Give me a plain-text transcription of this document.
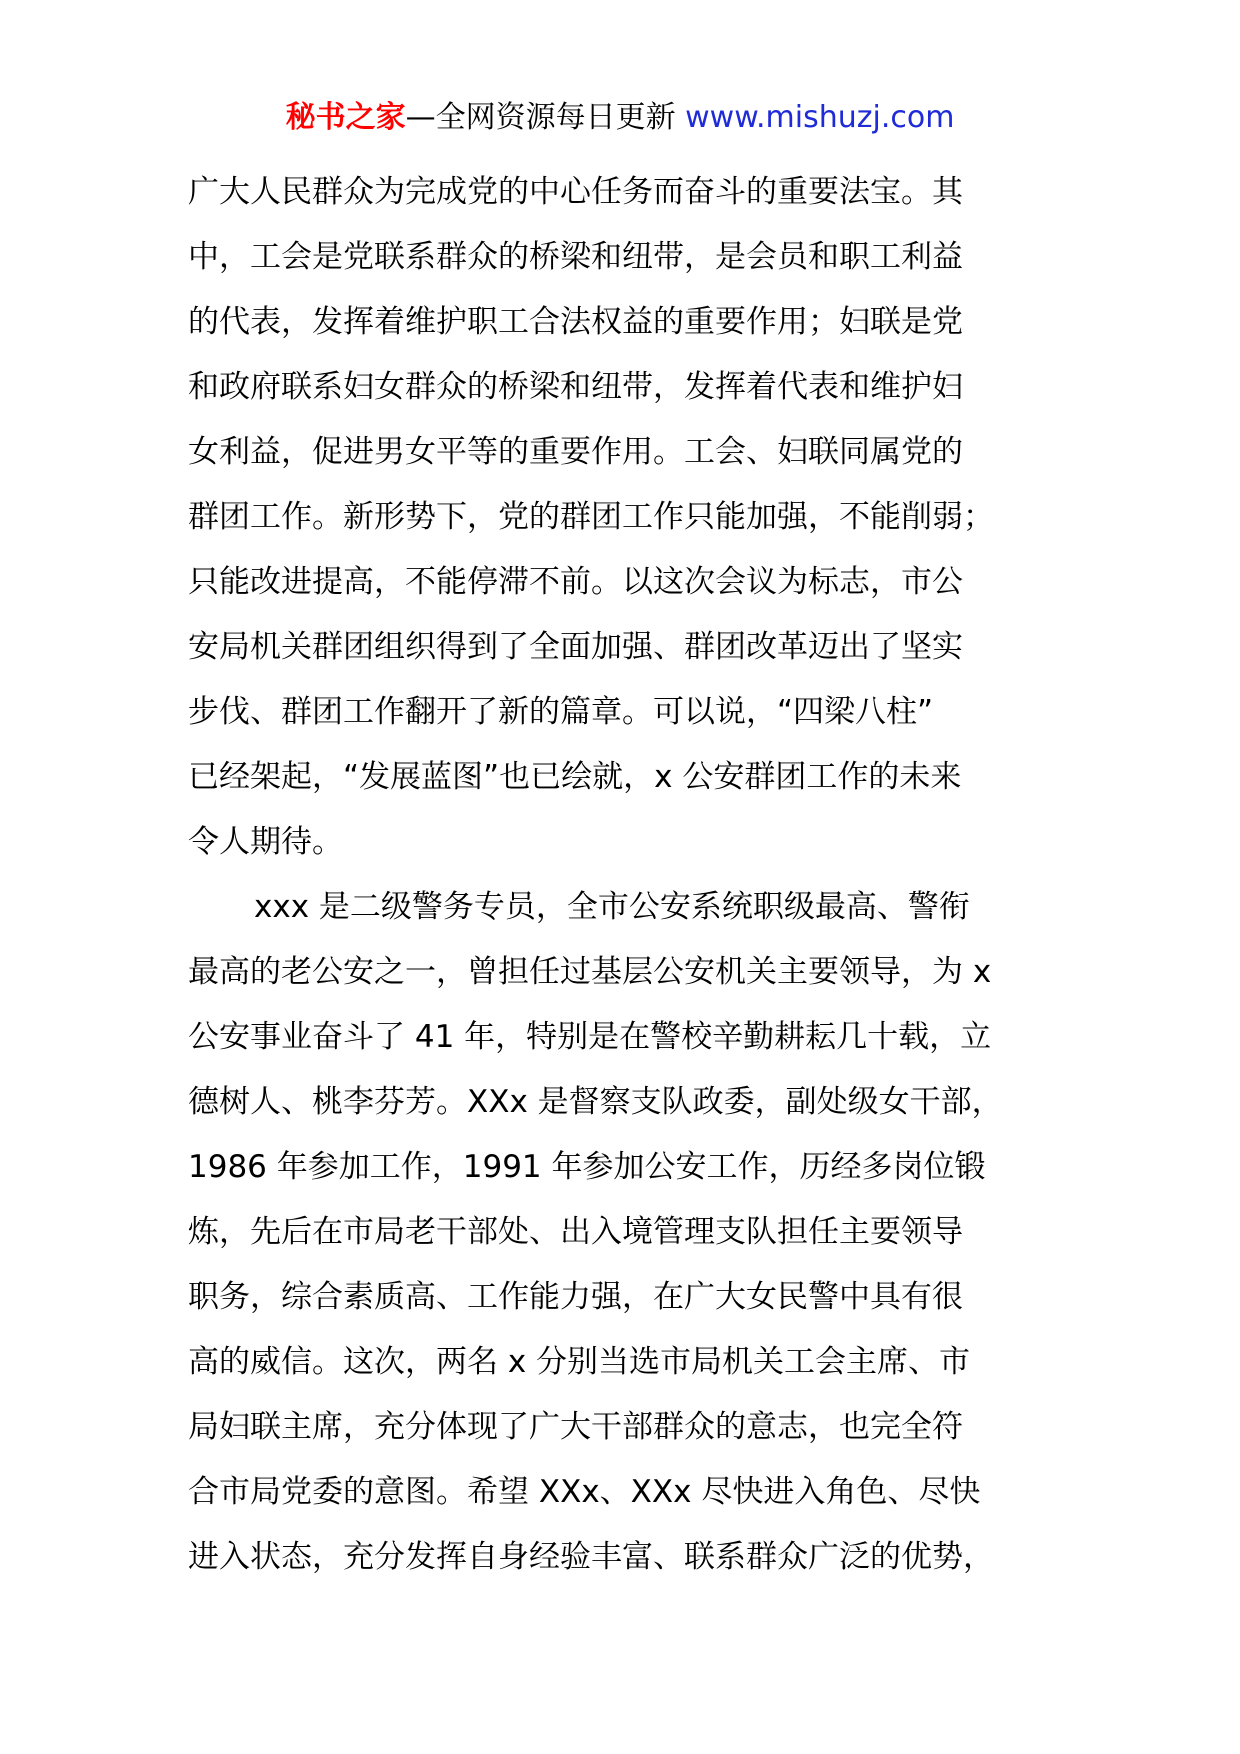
秘书之家—全网资源每日更新 www.mishuzj.com
广大人民群众为完成党的中心任务而奋斗的重要法宝。其
中，工会是党联系群众的桥梁和纽带，是会员和职工利益
的代表，发挥着维护职工合法权益的重要作用；妇联是党
和政府联系妇女群众的桥梁和纽带，发挥着代表和维护妇
女利益，促进男女平等的重要作用。工会、妇联同属党的
群团工作。新形势下，党的群团工作只能加强，不能削弱；
只能改进提高，不能停滞不前。以这次会议为标志，市公
安局机关群团组织得到了全面加强、群团改革迈出了坚实
步伐、群团工作翻开了新的篇章。可以说，“四梁八柱”
已经架起，“发展蓝图”也已绘就，x 公安群团工作的未来
令人期待。
xxx 是二级警务专员，全市公安系统职级最高、警衔
最高的老公安之一，曾担任过基层公安机关主要领导，为 x
公安事业奋斗了 41 年，特别是在警校辛勤耕耘几十载，立
德树人、桃李芬芳。XXx 是督察支队政委，副处级女干部，
1986 年参加工作，1991 年参加公安工作，历经多岗位锻
炼，先后在市局老干部处、出入境管理支队担任主要领导
职务，综合素质高、工作能力强，在广大女民警中具有很
高的威信。这次，两名 x 分别当选市局机关工会主席、市
局妇联主席，充分体现了广大干部群众的意志，也完全符
合市局党委的意图。希望 XXx、XXx 尽快进入角色、尽快
进入状态，充分发挥自身经验丰富、联系群众广泛的优势，
